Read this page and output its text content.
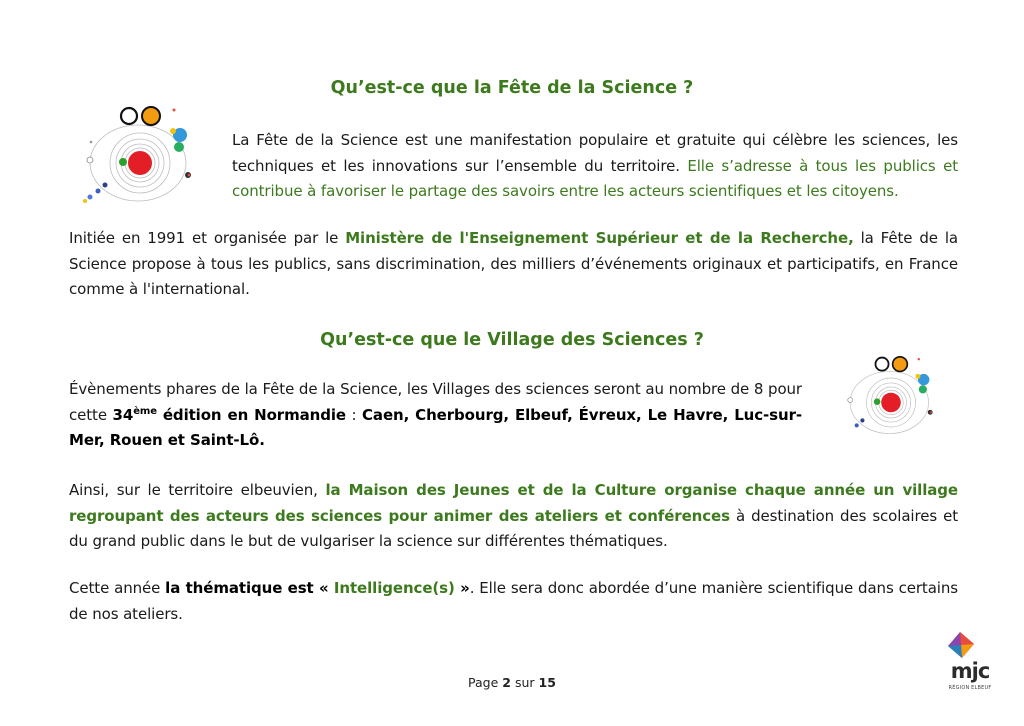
Qu’est-ce que la Fête de la Science ?

La Fête de la Science est une manifestation populaire et gratuite qui célèbre les sciences, les techniques et les innovations sur l’ensemble du territoire. Elle s’adresse à tous les publics et contribue à favoriser le partage des savoirs entre les acteurs scientifiques et les citoyens.

Initiée en 1991 et organisée par le Ministère de l'Enseignement Supérieur et de la Recherche, la Fête de la Science propose à tous les publics, sans discrimination, des milliers d’événements originaux et participatifs, en France comme à l'international.

Qu’est-ce que le Village des Sciences ?

Évènements phares de la Fête de la Science, les Villages des sciences seront au nombre de 8 pour cette 34ème édition en Normandie : Caen, Cherbourg, Elbeuf, Évreux, Le Havre, Luc-sur-Mer, Rouen et Saint-Lô.

Ainsi, sur le territoire elbeuvien, la Maison des Jeunes et de la Culture organise chaque année un village regroupant des acteurs des sciences pour animer des ateliers et conférences à destination des scolaires et du grand public dans le but de vulgariser la science sur différentes thématiques.

Cette année la thématique est « Intelligence(s) ». Elle sera donc abordée d’une manière scientifique dans certains de nos ateliers.

Page 2 sur 15	mjc
RÉGION ELBEUF
